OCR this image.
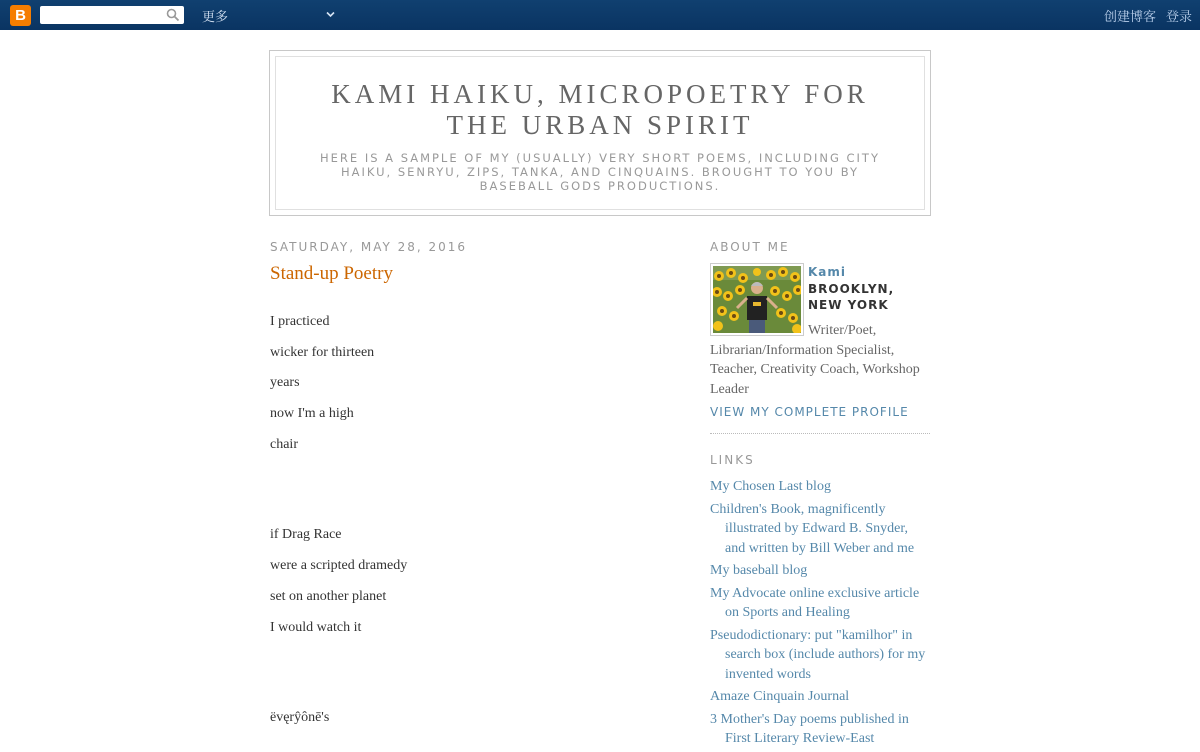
B	更多	创建博客 登录
KAMI HAIKU, MICROPOETRY FOR THE URBAN SPIRIT

HERE IS A SAMPLE OF MY (USUALLY) VERY SHORT POEMS, INCLUDING CITY HAIKU, SENRYU, ZIPS, TANKA, AND CINQUAINS. BROUGHT TO YOU BY BASEBALL GODS PRODUCTIONS.

SATURDAY, MAY 28, 2016
Stand-up Poetry
I practiced
wicker for thirteen
years
now I'm a high
chair
if Drag Race
were a scripted dramedy
set on another planet
I would watch it
ëvęrŷônē's
ABOUT ME
Kami
BROOKLYN, NEW YORK
Writer/Poet,
Librarian/Information Specialist, Teacher, Creativity Coach, Workshop Leader
VIEW MY COMPLETE PROFILE
LINKS
My Chosen Last blog
Children's Book, magnificently illustrated by Edward B. Snyder, and written by Bill Weber and me
My baseball blog
My Advocate online exclusive article on Sports and Healing
Pseudodictionary: put "kamilhor" in search box (include authors) for my invented words
Amaze Cinquain Journal
3 Mother's Day poems published in First Literary Review-East
